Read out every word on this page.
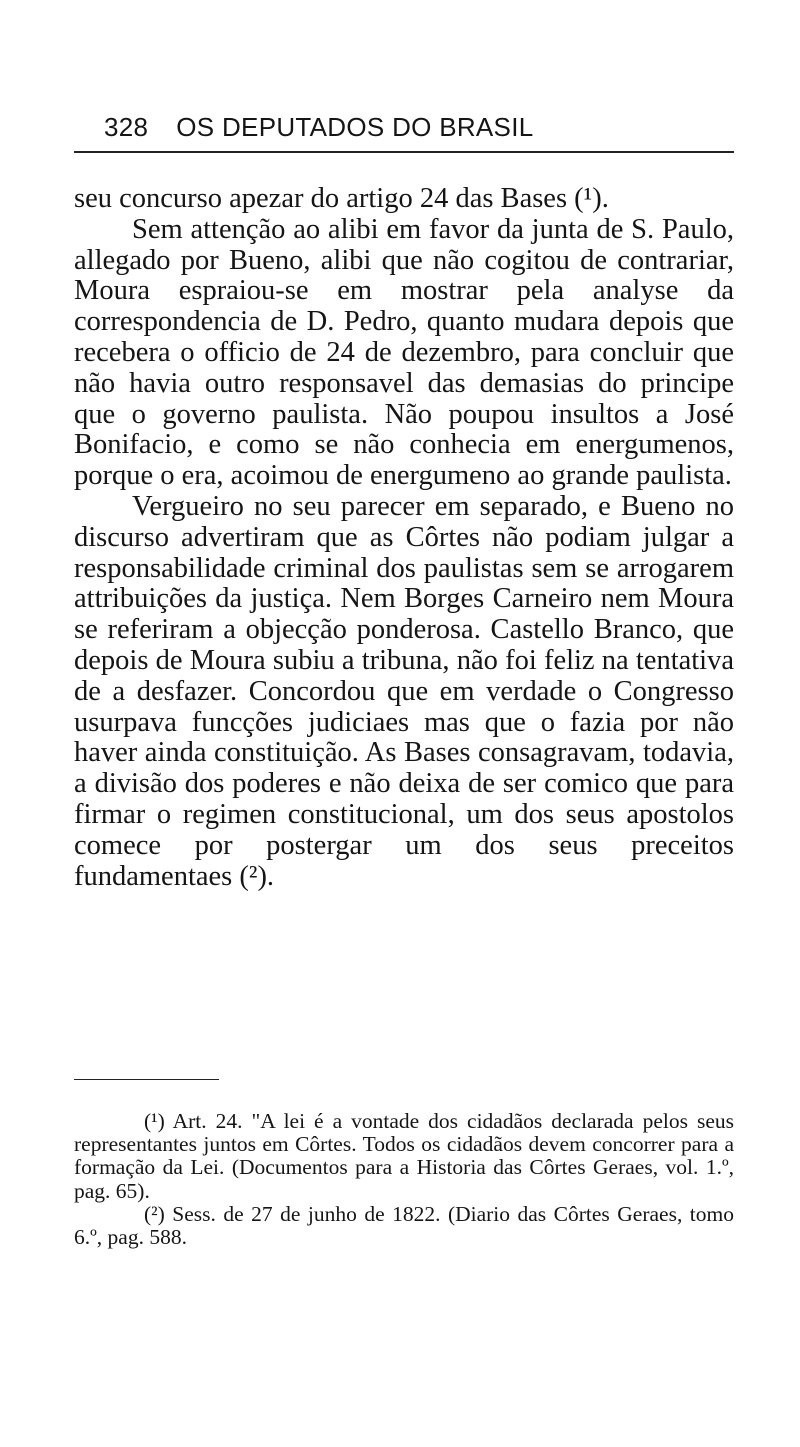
328 OS DEPUTADOS DO BRASIL

seu concurso apezar do artigo 24 das Bases (¹).

Sem attenção ao alibi em favor da junta de S. Paulo, allegado por Bueno, alibi que não cogitou de contrariar, Moura espraiou-se em mostrar pela analyse da correspondencia de D. Pedro, quanto mudara depois que recebera o officio de 24 de dezembro, para concluir que não havia outro responsavel das demasias do principe que o governo paulista. Não poupou insultos a José Bonifacio, e como se não conhecia em energumenos, porque o era, acoimou de energumeno ao grande paulista.

Vergueiro no seu parecer em separado, e Bueno no discurso advertiram que as Côrtes não podiam julgar a responsabilidade criminal dos paulistas sem se arrogarem attribuições da justiça. Nem Borges Carneiro nem Moura se referiram a objecção ponderosa. Castello Branco, que depois de Moura subiu a tribuna, não foi feliz na tentativa de a desfazer. Concordou que em verdade o Congresso usurpava funcções judiciaes mas que o fazia por não haver ainda constituição. As Bases consagravam, todavia, a divisão dos poderes e não deixa de ser comico que para firmar o regimen constitucional, um dos seus apostolos comece por postergar um dos seus preceitos fundamentaes (²).

(¹) Art. 24. "A lei é a vontade dos cidadãos declarada pelos seus representantes juntos em Côrtes. Todos os cidadãos devem concorrer para a formação da Lei. (Documentos para a Historia das Côrtes Geraes, vol. 1.º, pag. 65).

(²) Sess. de 27 de junho de 1822. (Diario das Côrtes Geraes, tomo 6.º, pag. 588.
